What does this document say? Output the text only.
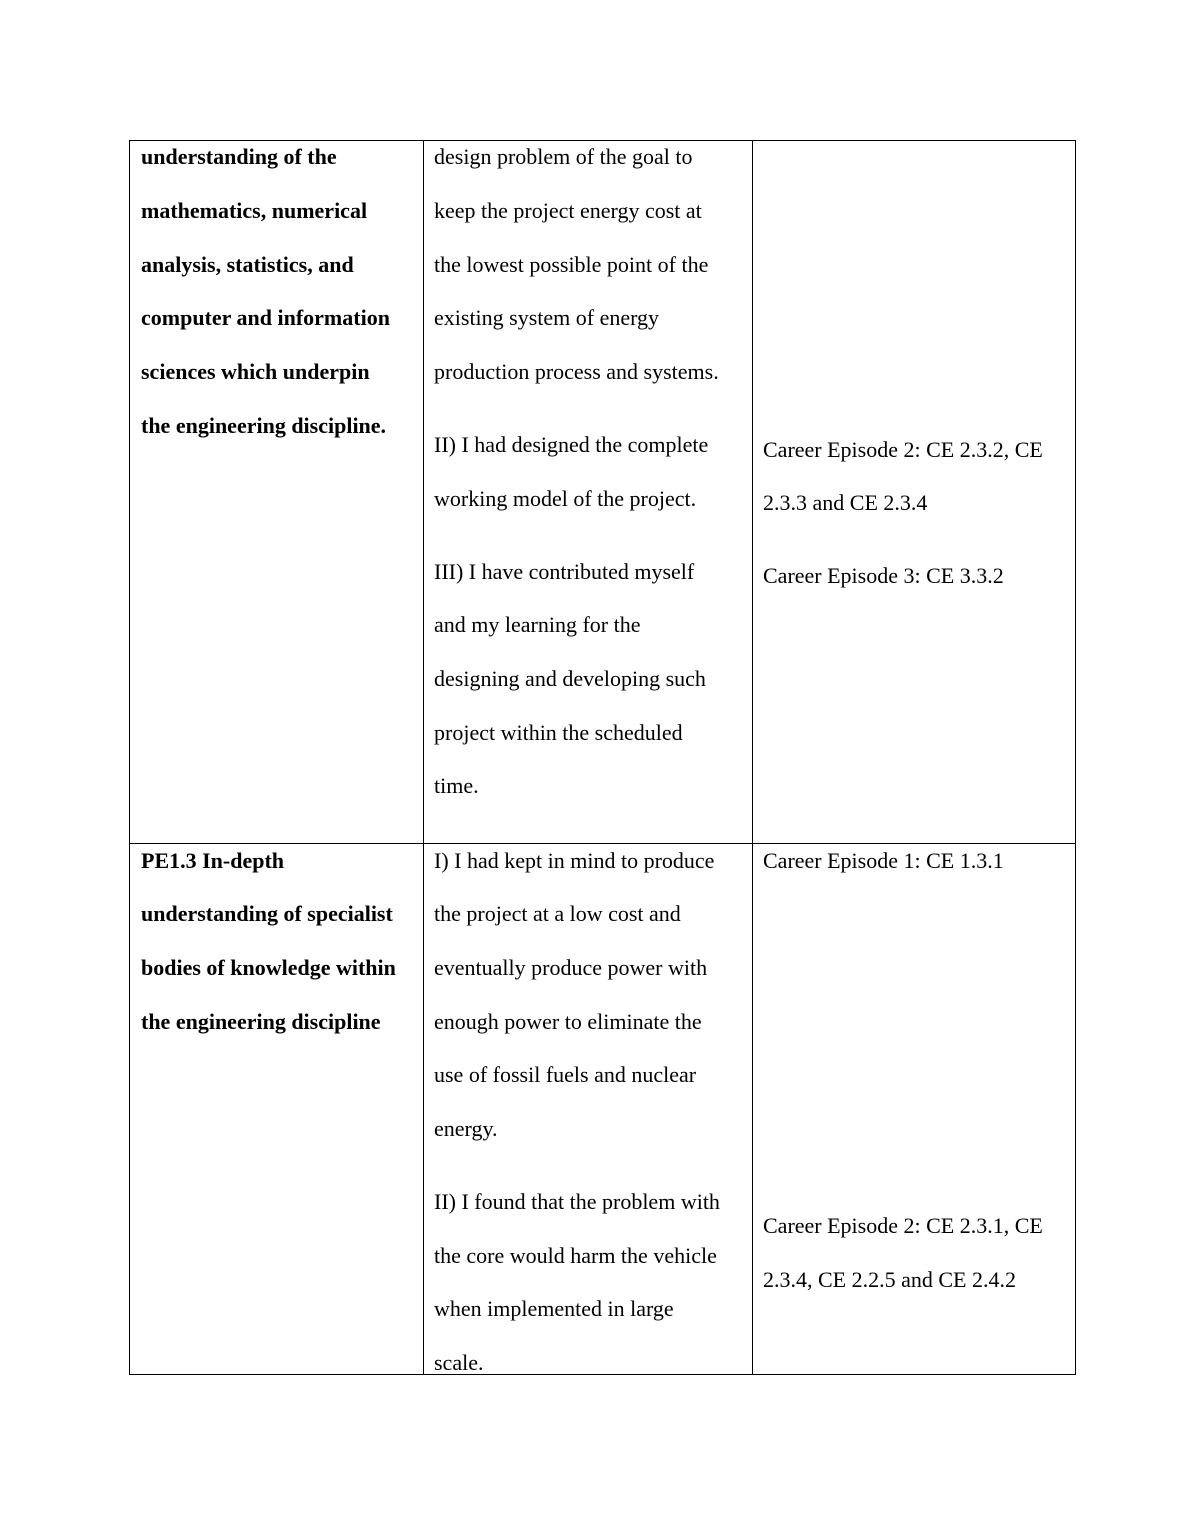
understanding of the
mathematics, numerical
analysis, statistics, and
computer and information
sciences which underpin
the engineering discipline.
design problem of the goal to
keep the project energy cost at
the lowest possible point of the
existing system of energy
production process and systems.
II) I had designed the complete
working model of the project.
III) I have contributed myself
and my learning for the
designing and developing such
project within the scheduled
time.
Career Episode 2: CE 2.3.2, CE
2.3.3 and CE 2.3.4
Career Episode 3: CE 3.3.2
PE1.3 In-depth
understanding of specialist
bodies of knowledge within
the engineering discipline
I) I had kept in mind to produce
the project at a low cost and
eventually produce power with
enough power to eliminate the
use of fossil fuels and nuclear
energy.
II) I found that the problem with
the core would harm the vehicle
when implemented in large
scale.
Career Episode 1: CE 1.3.1
Career Episode 2: CE 2.3.1, CE
2.3.4, CE 2.2.5 and CE 2.4.2
